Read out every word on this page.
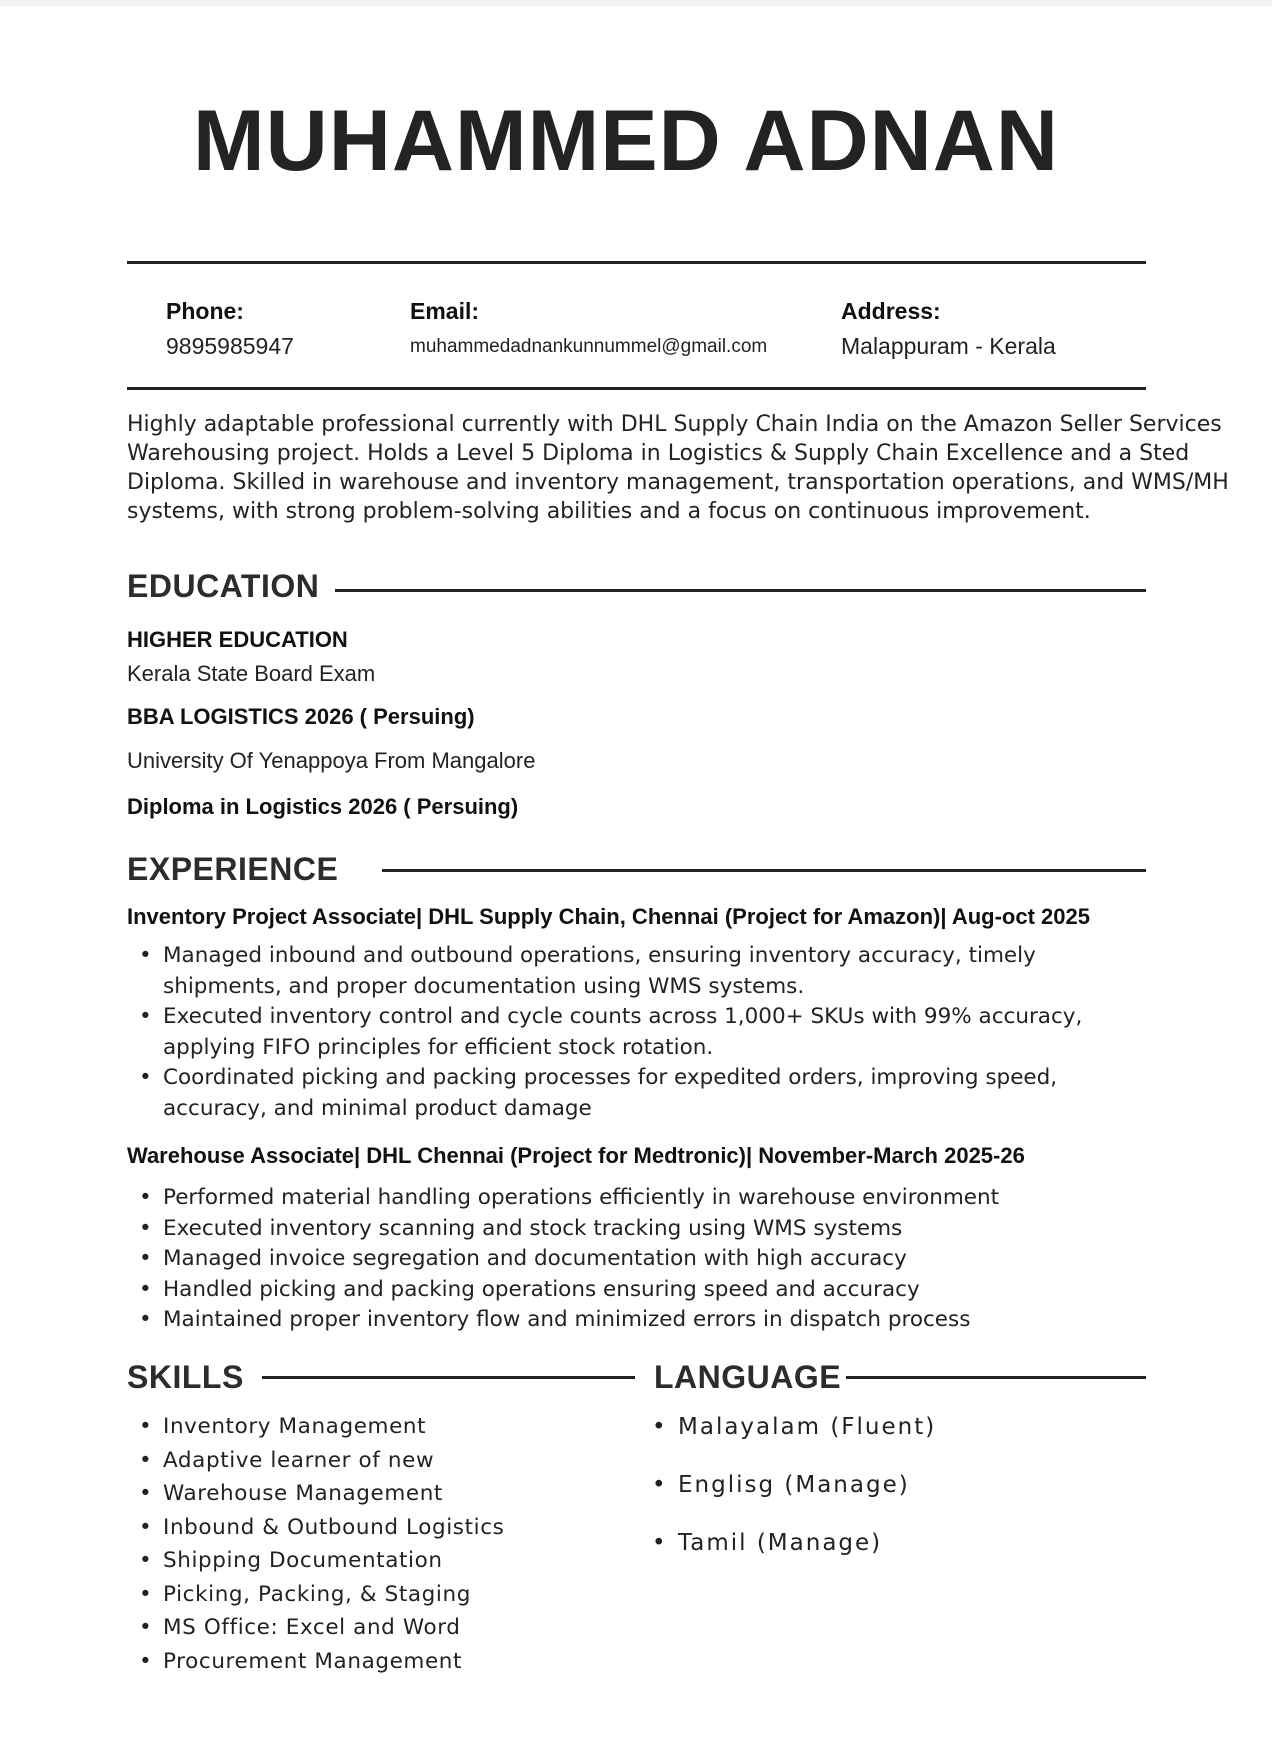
MUHAMMED ADNAN
Phone:
9895985947
Email:
muhammedadnankunnummel@gmail.com
Address:
Malappuram - Kerala
Highly adaptable professional currently with DHL Supply Chain India on the Amazon Seller Services Warehousing project. Holds a Level 5 Diploma in Logistics & Supply Chain Excellence and a Sted Diploma. Skilled in warehouse and inventory management, transportation operations, and WMS/MH systems, with strong problem-solving abilities and a focus on continuous improvement.
EDUCATION
HIGHER EDUCATION
Kerala State Board Exam
BBA LOGISTICS 2026 ( Persuing)
University Of Yenappoya From Mangalore
Diploma in Logistics 2026 ( Persuing)
EXPERIENCE
Inventory Project Associate| DHL Supply Chain, Chennai (Project for Amazon)| Aug-oct 2025
• Managed inbound and outbound operations, ensuring inventory accuracy, timely shipments, and proper documentation using WMS systems.
• Executed inventory control and cycle counts across 1,000+ SKUs with 99% accuracy, applying FIFO principles for efficient stock rotation.
• Coordinated picking and packing processes for expedited orders, improving speed, accuracy, and minimal product damage
Warehouse Associate| DHL Chennai (Project for Medtronic)| November-March 2025-26
• Performed material handling operations efficiently in warehouse environment
• Executed inventory scanning and stock tracking using WMS systems
• Managed invoice segregation and documentation with high accuracy
• Handled picking and packing operations ensuring speed and accuracy
• Maintained proper inventory flow and minimized errors in dispatch process
SKILLS
• Inventory Management
• Adaptive learner of new
• Warehouse Management
• Inbound & Outbound Logistics
• Shipping Documentation
• Picking, Packing, & Staging
• MS Office: Excel and Word
• Procurement Management
LANGUAGE
• Malayalam (Fluent)
• Englisg (Manage)
• Tamil (Manage)
